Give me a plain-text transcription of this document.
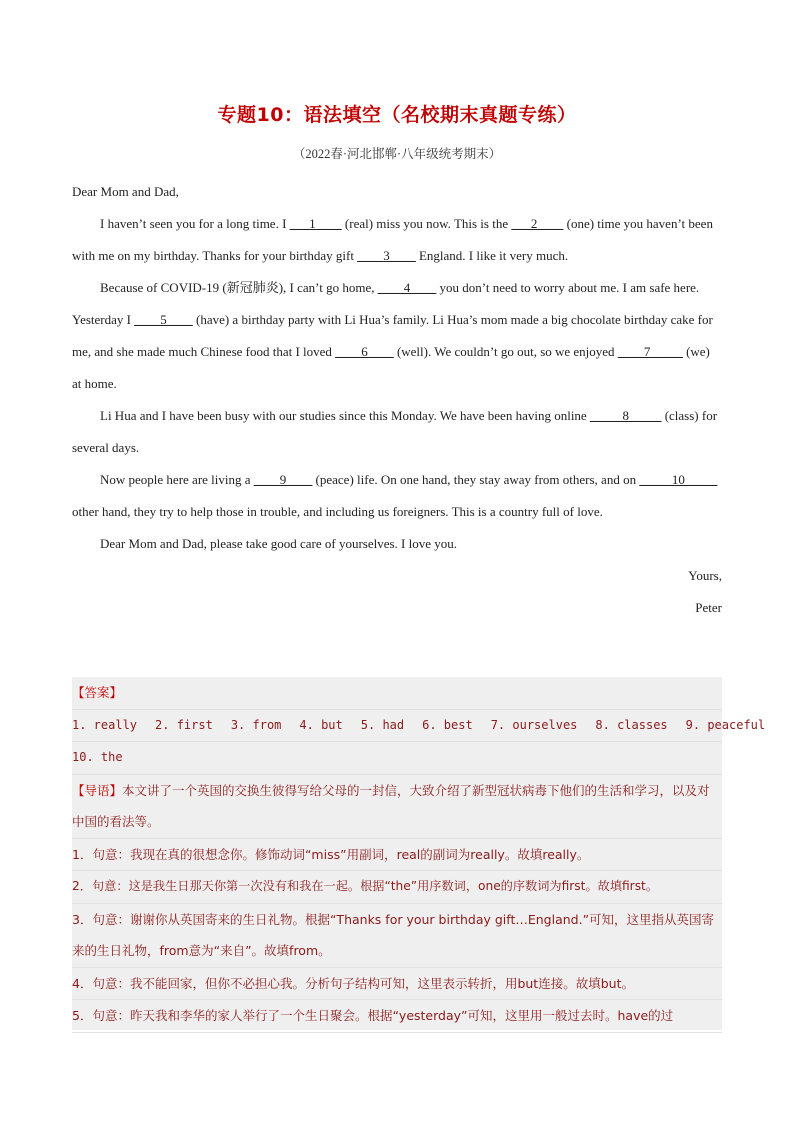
专题10：语法填空（名校期末真题专练）
（2022春·河北邯郸·八年级统考期末）

Dear Mom and Dad,

I haven’t seen you for a long time. I ___1____ (real) miss you now. This is the ___2____ (one) time you haven’t been with me on my birthday. Thanks for your birthday gift ____3____ England. I like it very much.

Because of COVID-19 (新冠肺炎), I can’t go home, ____4____ you don’t need to worry about me. I am safe here. Yesterday I ____5____ (have) a birthday party with Li Hua’s family. Li Hua’s mom made a big chocolate birthday cake for me, and she made much Chinese food that I loved ____6____ (well). We couldn’t go out, so we enjoyed ____7_____ (we) at home.

Li Hua and I have been busy with our studies since this Monday. We have been having online _____8_____ (class) for several days.

Now people here are living a ____9____ (peace) life. On one hand, they stay away from others, and on _____10_____ other hand, they try to help those in trouble, and including us foreigners. This is a country full of love.

Dear Mom and Dad, please take good care of yourselves. I love you.

Yours,

Peter

【答案】
1. really 2. first 3. from 4. but 5. had 6. best 7. ourselves 8. classes 9. peaceful
10. the
【导语】本文讲了一个英国的交换生彼得写给父母的一封信，大致介绍了新型冠状病毒下他们的生活和学习，以及对中国的看法等。
1．句意：我现在真的很想念你。修饰动词“miss”用副词，real的副词为really。故填really。
2．句意：这是我生日那天你第一次没有和我在一起。根据“the”用序数词，one的序数词为first。故填first。
3．句意：谢谢你从英国寄来的生日礼物。根据“Thanks for your birthday gift…England.”可知，这里指从英国寄来的生日礼物，from意为“来自”。故填from。
4．句意：我不能回家，但你不必担心我。分析句子结构可知，这里表示转折，用but连接。故填but。
5．句意：昨天我和李华的家人举行了一个生日聚会。根据“yesterday”可知，这里用一般过去时。have的过
